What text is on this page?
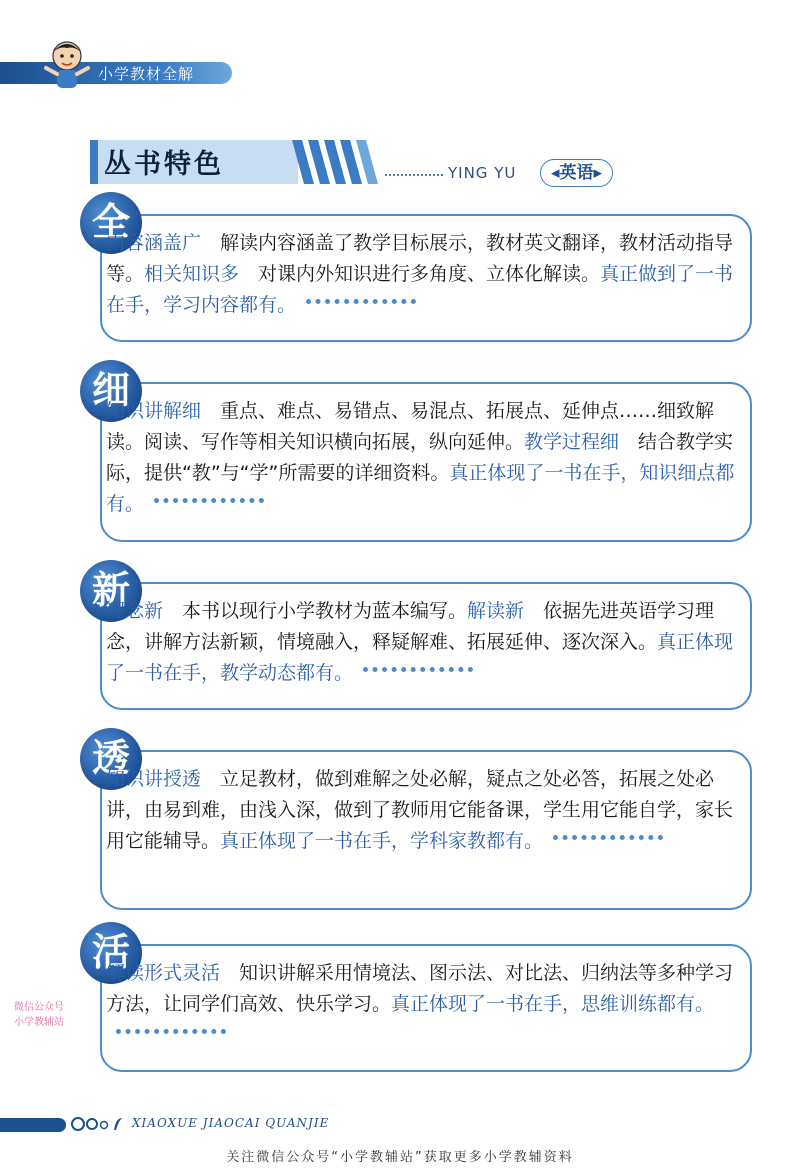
小学教材全解
丛书特色	YING YU	◂英语▸
全
内容涵盖广　解读内容涵盖了教学目标展示，教材英文翻译，教材活动指导等。相关知识多　对课内外知识进行多角度、立体化解读。真正做到了一书在手，学习内容都有。
细
知识讲解细　重点、难点、易错点、易混点、拓展点、延伸点……细致解读。阅读、写作等相关知识横向拓展，纵向延伸。教学过程细　结合教学实际，提供“教”与“学”所需要的详细资料。真正体现了一书在手，知识细点都有。
新
理念新　本书以现行小学教材为蓝本编写。解读新　依据先进英语学习理念，讲解方法新颖，情境融入，释疑解难、拓展延伸、逐次深入。真正体现了一书在手，教学动态都有。
透
知识讲授透　立足教材，做到难解之处必解，疑点之处必答，拓展之处必讲，由易到难，由浅入深，做到了教师用它能备课，学生用它能自学，家长用它能辅导。真正体现了一书在手，学科家教都有。
活
解读形式灵活　知识讲解采用情境法、图示法、对比法、归纳法等多种学习方法，让同学们高效、快乐学习。真正体现了一书在手，思维训练都有。
微信公众号
小学教辅站
XIAOXUE JIAOCAI QUANJIE
关注微信公众号“小学教辅站”获取更多小学教辅资料
